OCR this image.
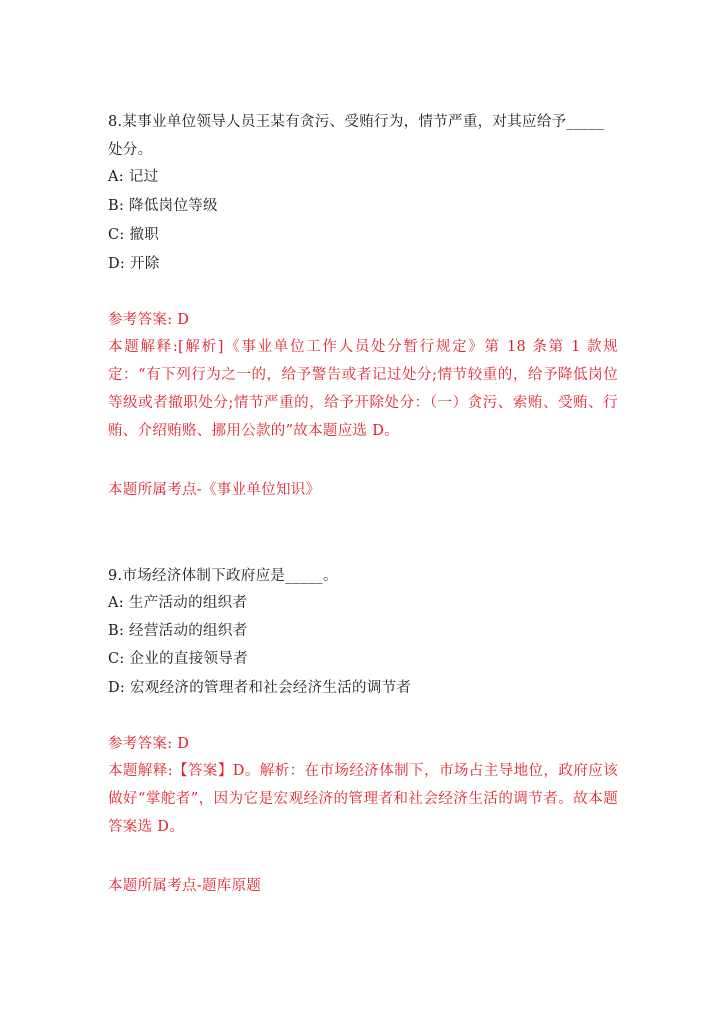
8.某事业单位领导人员王某有贪污、受贿行为，情节严重，对其应给予_____处分。
A: 记过
B: 降低岗位等级
C: 撤职
D: 开除
参考答案: D
本题解释:[解析]《事业单位工作人员处分暂行规定》第 18 条第 1 款规定：“有下列行为之一的，给予警告或者记过处分;情节较重的，给予降低岗位等级或者撤职处分;情节严重的，给予开除处分：（一）贪污、索贿、受贿、行贿、介绍贿赂、挪用公款的”故本题应选 D。
本题所属考点-《事业单位知识》
9.市场经济体制下政府应是_____。
A: 生产活动的组织者
B: 经营活动的组织者
C: 企业的直接领导者
D: 宏观经济的管理者和社会经济生活的调节者
参考答案: D
本题解释:【答案】D。解析：在市场经济体制下，市场占主导地位，政府应该做好“掌舵者”，因为它是宏观经济的管理者和社会经济生活的调节者。故本题答案选 D。
本题所属考点-题库原题
